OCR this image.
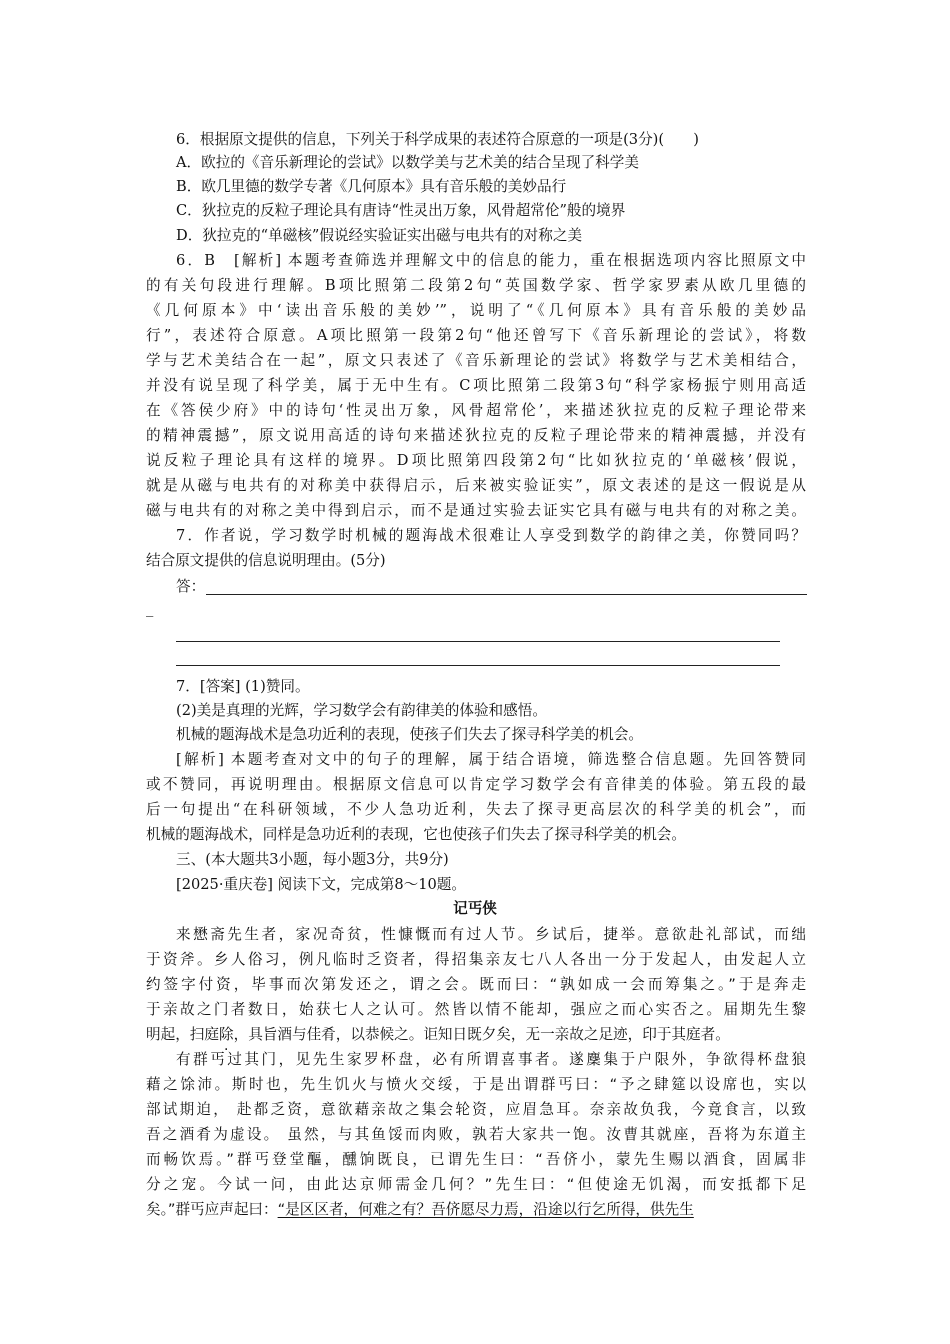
6．根据原文提供的信息，下列关于科学成果的表述符合原意的一项是(3分)(　　)
A．欧拉的《音乐新理论的尝试》以数学美与艺术美的结合呈现了科学美
B．欧几里德的数学专著《几何原本》具有音乐般的美妙品行
C．狄拉克的反粒子理论具有唐诗“性灵出万象，风骨超常伦”般的境界
D．狄拉克的“单磁核”假说经实验证实出磁与电共有的对称之美
6．B　[解析] 本题考查筛选并理解文中的信息的能力，重在根据选项内容比照原文中
的有关句段进行理解。B项比照第二段第2句“英国数学家、哲学家罗素从欧几里德的
《几何原本》中‘读出音乐般的美妙’”，说明了“《几何原本》具有音乐般的美妙品
行”，表述符合原意。A项比照第一段第2句“他还曾写下《音乐新理论的尝试》，将数
学与艺术美结合在一起”，原文只表述了《音乐新理论的尝试》将数学与艺术美相结合，
并没有说呈现了科学美，属于无中生有。C项比照第二段第3句“科学家杨振宁则用高适
在《答侯少府》中的诗句‘性灵出万象，风骨超常伦’，来描述狄拉克的反粒子理论带来
的精神震撼”，原文说用高适的诗句来描述狄拉克的反粒子理论带来的精神震撼，并没有
说反粒子理论具有这样的境界。D项比照第四段第2句“比如狄拉克的‘单磁核’假说，
就是从磁与电共有的对称美中获得启示，后来被实验证实”，原文表述的是这一假说是从
磁与电共有的对称之美中得到启示，而不是通过实验去证实它具有磁与电共有的对称之美。
7．作者说，学习数学时机械的题海战术很难让人享受到数学的韵律之美，你赞同吗？
结合原文提供的信息说明理由。(5分)
答：
_
7．[答案] (1)赞同。
(2)美是真理的光辉，学习数学会有韵律美的体验和感悟。
机械的题海战术是急功近利的表现，使孩子们失去了探寻科学美的机会。
[解析] 本题考查对文中的句子的理解，属于结合语境，筛选整合信息题。先回答赞同
或不赞同，再说明理由。根据原文信息可以肯定学习数学会有音律美的体验。第五段的最
后一句提出“在科研领域，不少人急功近利，失去了探寻更高层次的科学美的机会”，而
机械的题海战术，同样是急功近利的表现，它也使孩子们失去了探寻科学美的机会。
三、(本大题共3小题，每小题3分，共9分)
[2025·重庆卷] 阅读下文，完成第8～10题。
记丐侠
来懋斋先生者，家况奇贫，性慷慨而有过人节。乡试后，捷举。意欲赴礼部试，而绌
于资斧。乡人俗习，例凡临时乏资者，得招集亲友七八人各出一分于发起人，由发起人立
约签字付资，毕事而次第发还之，谓之会。既而曰：“孰如成一会而筹集之。”于是奔走
于亲故之门者数日，始获七人之认可。然皆以情不能却，强应之而心实否之。届期先生黎
明起，扫庭除，具旨酒与佳肴，以恭候之。讵知日既夕矣，无一亲故之足迹，印于其庭者。
有群丐过其门，见先生家罗杯盘，必有所谓喜事者。遂麇集于户限外，争欲得杯盘狼
藉之馀沛。斯时也，先生饥火与愤火交绥，于是出谓群丐曰：“予之肆筵以设席也，实以
部试期迫， 赴都乏资，意欲藉亲故之集会轮资，应眉急耳。奈亲故负我，今竟食言，以致
吾之酒肴为虚设。 虽然，与其鱼馁而肉败，孰若大家共一饱。汝曹其就座，吾将为东道主
而畅饮焉。”群丐登堂醧，醺饷既良，已谓先生曰：“吾侪小，蒙先生赐以酒食，固属非
分之宠。今试一问，由此达京师需金几何？”先生曰：“但使途无饥渴，而安抵都下足
矣。”群丐应声起曰：“是区区者，何难之有？吾侪愿尽力焉，沿途以行乞所得，供先生
